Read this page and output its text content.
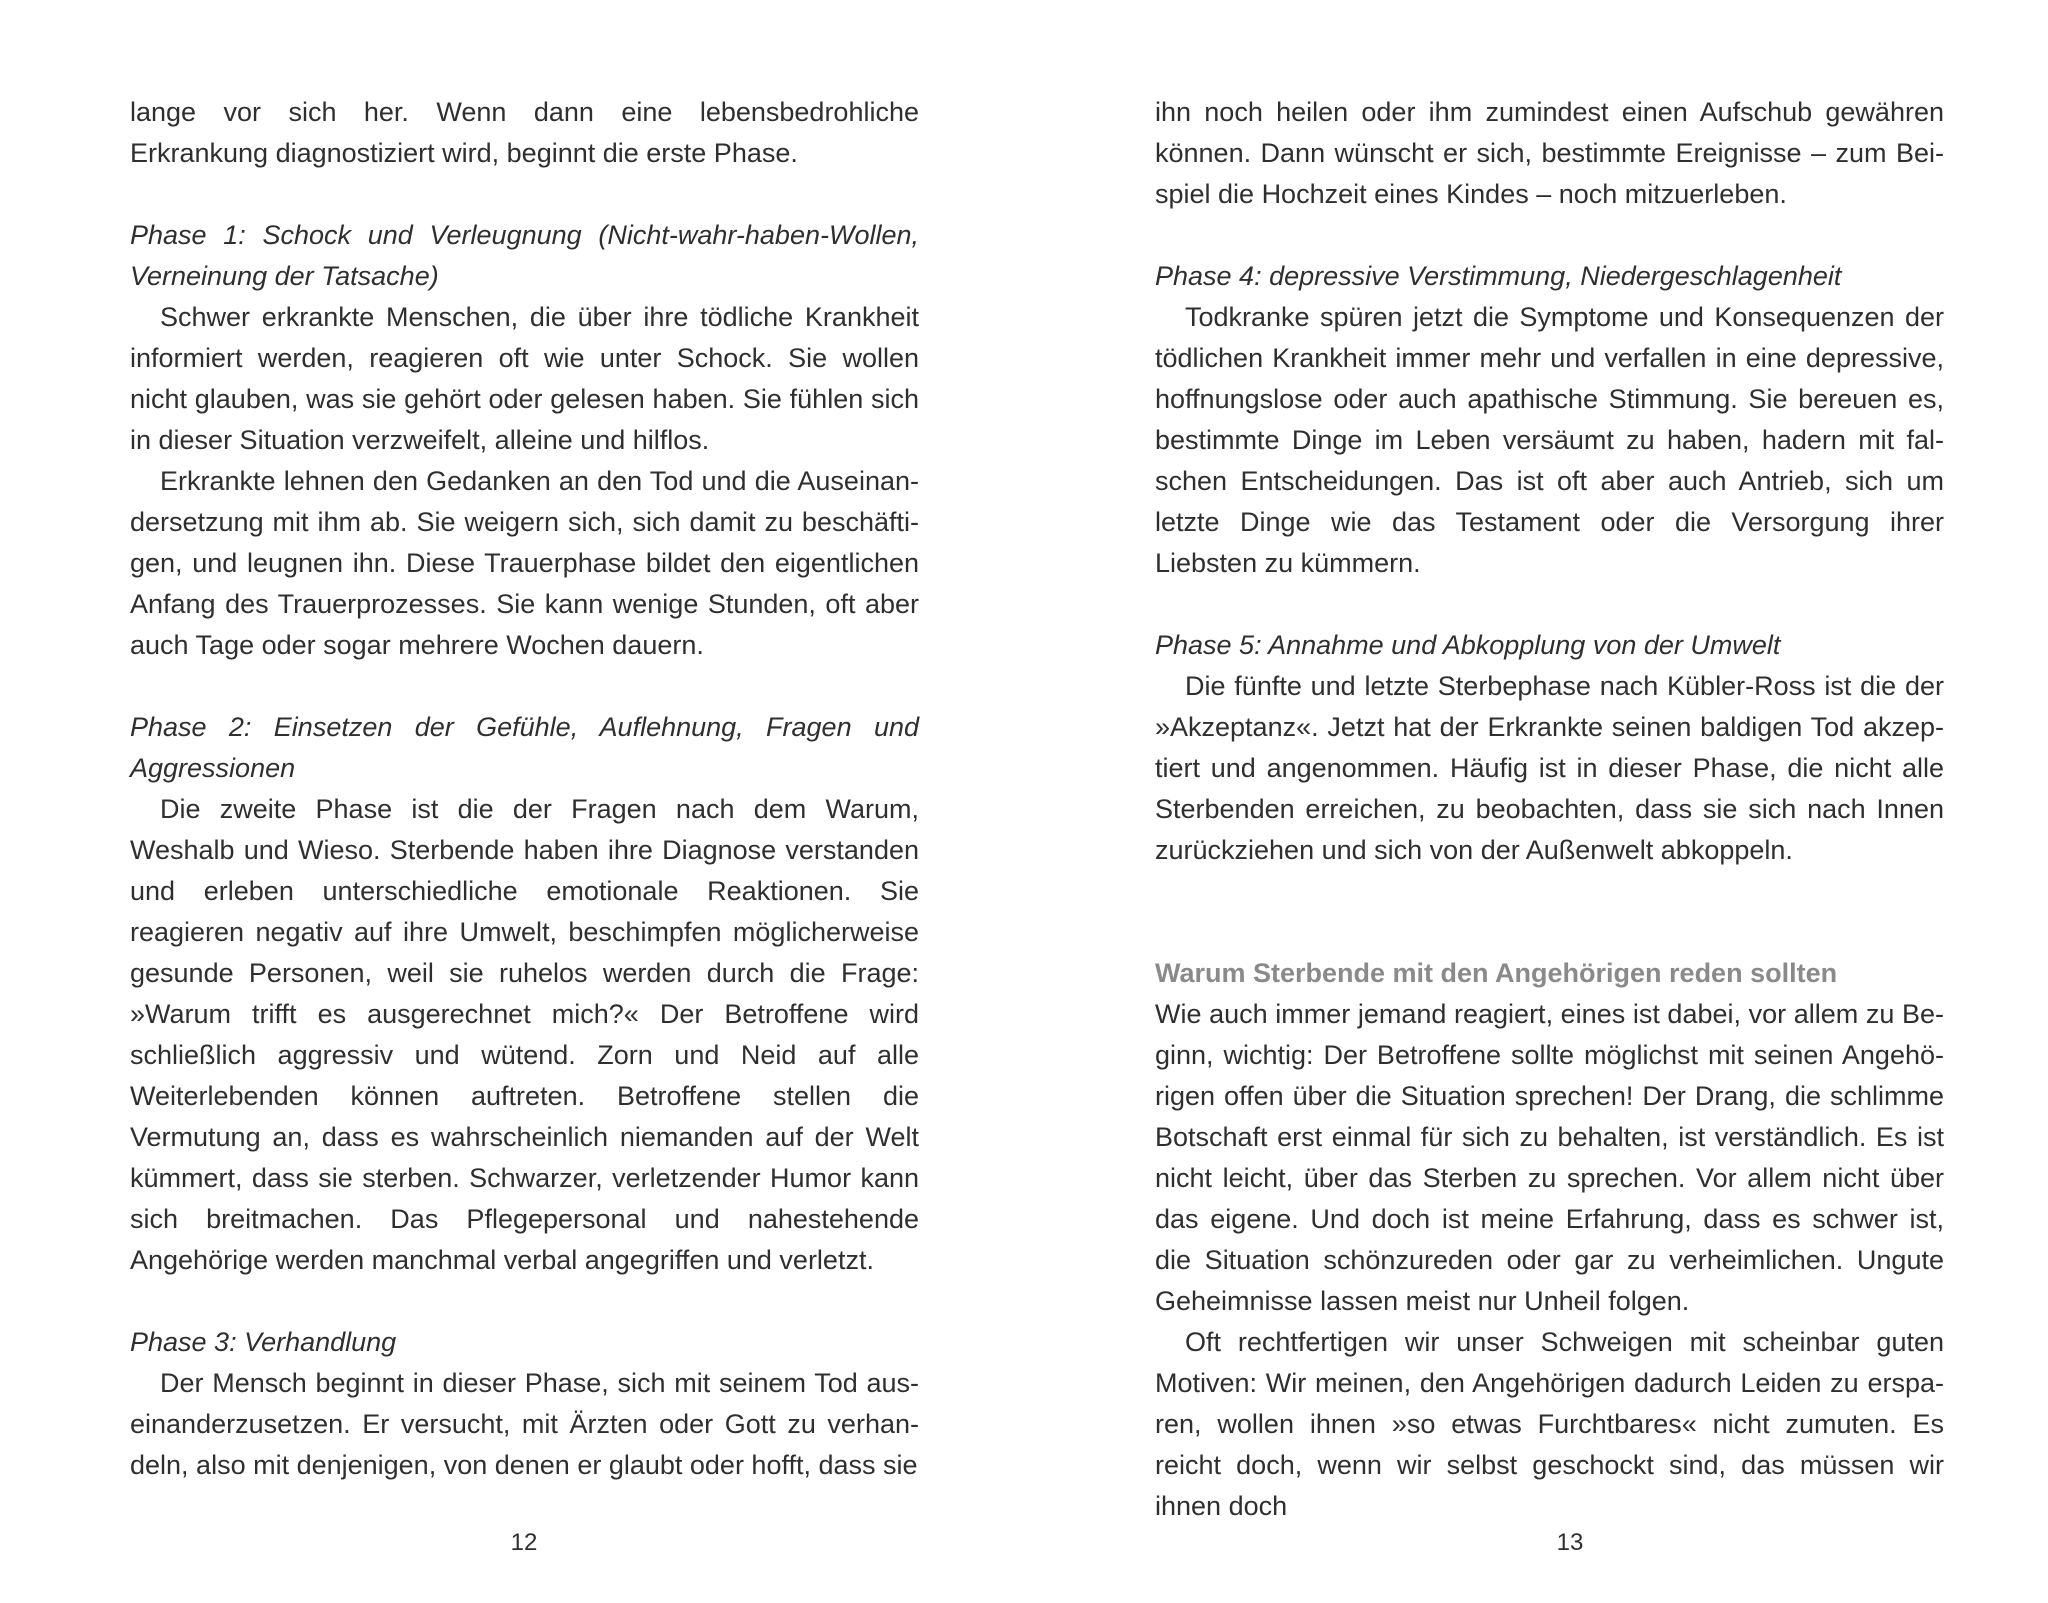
lange vor sich her. Wenn dann eine lebensbedrohliche Erkrankung diagnostiziert wird, beginnt die erste Phase.

Phase 1: Schock und Verleugnung (Nicht-wahr-haben-Wollen, Verneinung der Tatsache)

Schwer erkrankte Menschen, die über ihre tödliche Krankheit informiert werden, reagieren oft wie unter Schock. Sie wollen nicht glauben, was sie gehört oder gelesen haben. Sie fühlen sich in dieser Situation verzweifelt, alleine und hilflos.

Erkrankte lehnen den Gedanken an den Tod und die Auseinandersetzung mit ihm ab. Sie weigern sich, sich damit zu beschäftigen, und leugnen ihn. Diese Trauerphase bildet den eigentlichen Anfang des Trauerprozesses. Sie kann wenige Stunden, oft aber auch Tage oder sogar mehrere Wochen dauern.

Phase 2: Einsetzen der Gefühle, Auflehnung, Fragen und Aggressionen

Die zweite Phase ist die der Fragen nach dem Warum, Weshalb und Wieso. Sterbende haben ihre Diagnose verstanden und erleben unterschiedliche emotionale Reaktionen. Sie reagieren negativ auf ihre Umwelt, beschimpfen möglicherweise gesunde Personen, weil sie ruhelos werden durch die Frage: »Warum trifft es ausgerechnet mich?« Der Betroffene wird schließlich aggressiv und wütend. Zorn und Neid auf alle Weiterlebenden können auftreten. Betroffene stellen die Vermutung an, dass es wahrscheinlich niemanden auf der Welt kümmert, dass sie sterben. Schwarzer, verletzender Humor kann sich breitmachen. Das Pflegepersonal und nahestehende Angehörige werden manchmal verbal angegriffen und verletzt.

Phase 3: Verhandlung

Der Mensch beginnt in dieser Phase, sich mit seinem Tod auseinanderzusetzen. Er versucht, mit Ärzten oder Gott zu verhandeln, also mit denjenigen, von denen er glaubt oder hofft, dass sie

12

ihn noch heilen oder ihm zumindest einen Aufschub gewähren können. Dann wünscht er sich, bestimmte Ereignisse – zum Beispiel die Hochzeit eines Kindes – noch mitzuerleben.

Phase 4: depressive Verstimmung, Niedergeschlagenheit

Todkranke spüren jetzt die Symptome und Konsequenzen der tödlichen Krankheit immer mehr und verfallen in eine depressive, hoffnungslose oder auch apathische Stimmung. Sie bereuen es, bestimmte Dinge im Leben versäumt zu haben, hadern mit falschen Entscheidungen. Das ist oft aber auch Antrieb, sich um letzte Dinge wie das Testament oder die Versorgung ihrer Liebsten zu kümmern.

Phase 5: Annahme und Abkopplung von der Umwelt

Die fünfte und letzte Sterbephase nach Kübler-Ross ist die der »Akzeptanz«. Jetzt hat der Erkrankte seinen baldigen Tod akzeptiert und angenommen. Häufig ist in dieser Phase, die nicht alle Sterbenden erreichen, zu beobachten, dass sie sich nach Innen zurückziehen und sich von der Außenwelt abkoppeln.

Warum Sterbende mit den Angehörigen reden sollten

Wie auch immer jemand reagiert, eines ist dabei, vor allem zu Beginn, wichtig: Der Betroffene sollte möglichst mit seinen Angehörigen offen über die Situation sprechen! Der Drang, die schlimme Botschaft erst einmal für sich zu behalten, ist verständlich. Es ist nicht leicht, über das Sterben zu sprechen. Vor allem nicht über das eigene. Und doch ist meine Erfahrung, dass es schwer ist, die Situation schönzureden oder gar zu verheimlichen. Ungute Geheimnisse lassen meist nur Unheil folgen.

Oft rechtfertigen wir unser Schweigen mit scheinbar guten Motiven: Wir meinen, den Angehörigen dadurch Leiden zu ersparen, wollen ihnen »so etwas Furchtbares« nicht zumuten. Es reicht doch, wenn wir selbst geschockt sind, das müssen wir ihnen doch

13
